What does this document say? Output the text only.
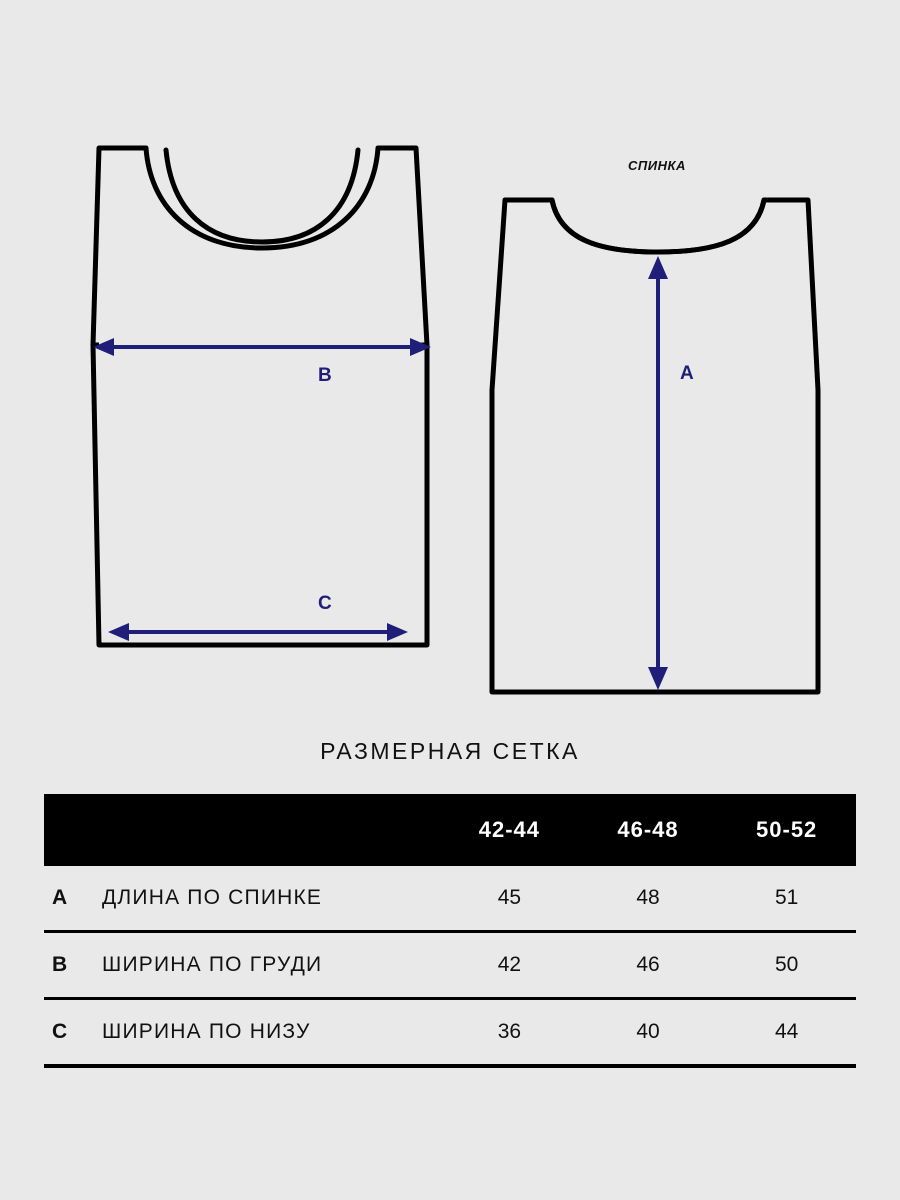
СПИНКА
B
C
A
РАЗМЕРНАЯ СЕТКА
		42-44	46-48	50-52
A	ДЛИНА ПО СПИНКЕ	45	48	51
B	ШИРИНА ПО ГРУДИ	42	46	50
C	ШИРИНА ПО НИЗУ	36	40	44
